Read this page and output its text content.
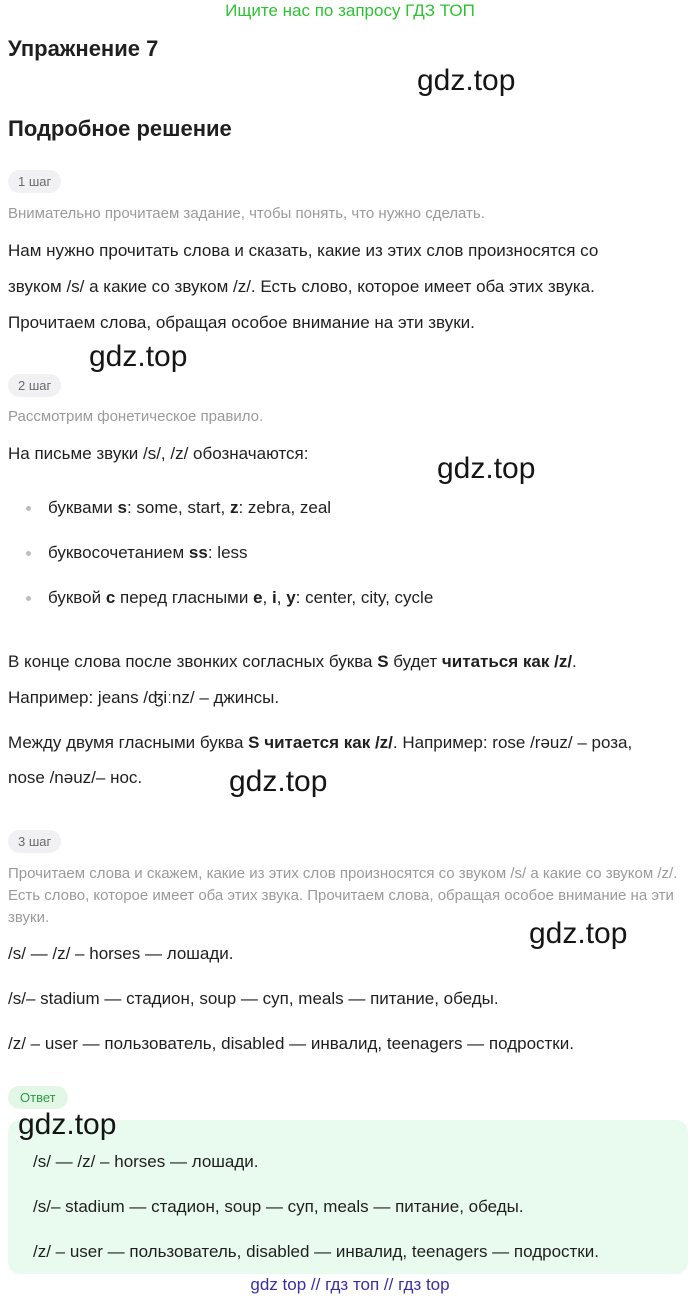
Ищите нас по запросу ГДЗ ТОП
Упражнение 7
gdz.top
Подробное решение
1 шаг
Внимательно прочитаем задание, чтобы понять, что нужно сделать.
Нам нужно прочитать слова и сказать, какие из этих слов произносятся со
звуком /s/ а какие со звуком /z/. Есть слово, которое имеет оба этих звука.
Прочитаем слова, обращая особое внимание на эти звуки.
gdz.top
2 шаг
Рассмотрим фонетическое правило.
На письме звуки /s/, /z/ обозначаются:	gdz.top
буквами s: some, start, z: zebra, zeal
буквосочетанием ss: less
буквой c перед гласными e, i, y: center, city, cycle
В конце слова после звонких согласных буква S будет читаться как /z/.
Например: jeans /ʤiːnz/ – джинсы.
Между двумя гласными буква S читается как /z/. Например: rose /rəuz/ – роза,
nose /nəuz/– нос.	gdz.top
3 шаг
Прочитаем слова и скажем, какие из этих слов произносятся со звуком /s/ а какие со звуком /z/. Есть слово, которое имеет оба этих звука. Прочитаем слова, обращая особое внимание на эти звуки.	gdz.top
/s/ — /z/ – horses — лошади.
/s/– stadium — стадион, soup — суп, meals — питание, обеды.
/z/ – user — пользователь, disabled — инвалид, teenagers — подростки.
Ответ
gdz.top
/s/ — /z/ – horses — лошади.
/s/– stadium — стадион, soup — суп, meals — питание, обеды.
/z/ – user — пользователь, disabled — инвалид, teenagers — подростки.
gdz top // гдз топ // гдз top
